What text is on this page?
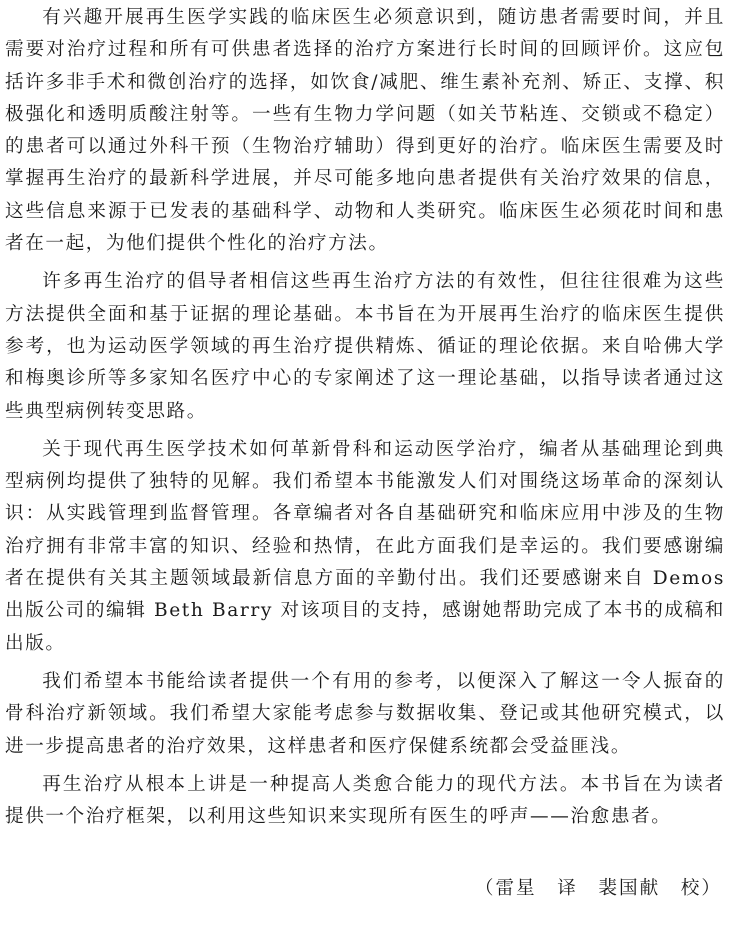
有兴趣开展再生医学实践的临床医生必须意识到，随访患者需要时间，并且需要对治疗过程和所有可供患者选择的治疗方案进行长时间的回顾评价。这应包括许多非手术和微创治疗的选择，如饮食/减肥、维生素补充剂、矫正、支撑、积极强化和透明质酸注射等。一些有生物力学问题（如关节粘连、交锁或不稳定）的患者可以通过外科干预（生物治疗辅助）得到更好的治疗。临床医生需要及时掌握再生治疗的最新科学进展，并尽可能多地向患者提供有关治疗效果的信息，这些信息来源于已发表的基础科学、动物和人类研究。临床医生必须花时间和患者在一起，为他们提供个性化的治疗方法。

许多再生治疗的倡导者相信这些再生治疗方法的有效性，但往往很难为这些方法提供全面和基于证据的理论基础。本书旨在为开展再生治疗的临床医生提供参考，也为运动医学领域的再生治疗提供精炼、循证的理论依据。来自哈佛大学和梅奥诊所等多家知名医疗中心的专家阐述了这一理论基础，以指导读者通过这些典型病例转变思路。

关于现代再生医学技术如何革新骨科和运动医学治疗，编者从基础理论到典型病例均提供了独特的见解。我们希望本书能激发人们对围绕这场革命的深刻认识：从实践管理到监督管理。各章编者对各自基础研究和临床应用中涉及的生物治疗拥有非常丰富的知识、经验和热情，在此方面我们是幸运的。我们要感谢编者在提供有关其主题领域最新信息方面的辛勤付出。我们还要感谢来自 Demos 出版公司的编辑 Beth Barry 对该项目的支持，感谢她帮助完成了本书的成稿和出版。

我们希望本书能给读者提供一个有用的参考，以便深入了解这一令人振奋的骨科治疗新领域。我们希望大家能考虑参与数据收集、登记或其他研究模式，以进一步提高患者的治疗效果，这样患者和医疗保健系统都会受益匪浅。

再生治疗从根本上讲是一种提高人类愈合能力的现代方法。本书旨在为读者提供一个治疗框架，以利用这些知识来实现所有医生的呼声——治愈患者。

（雷星　译　裴国献　校）
